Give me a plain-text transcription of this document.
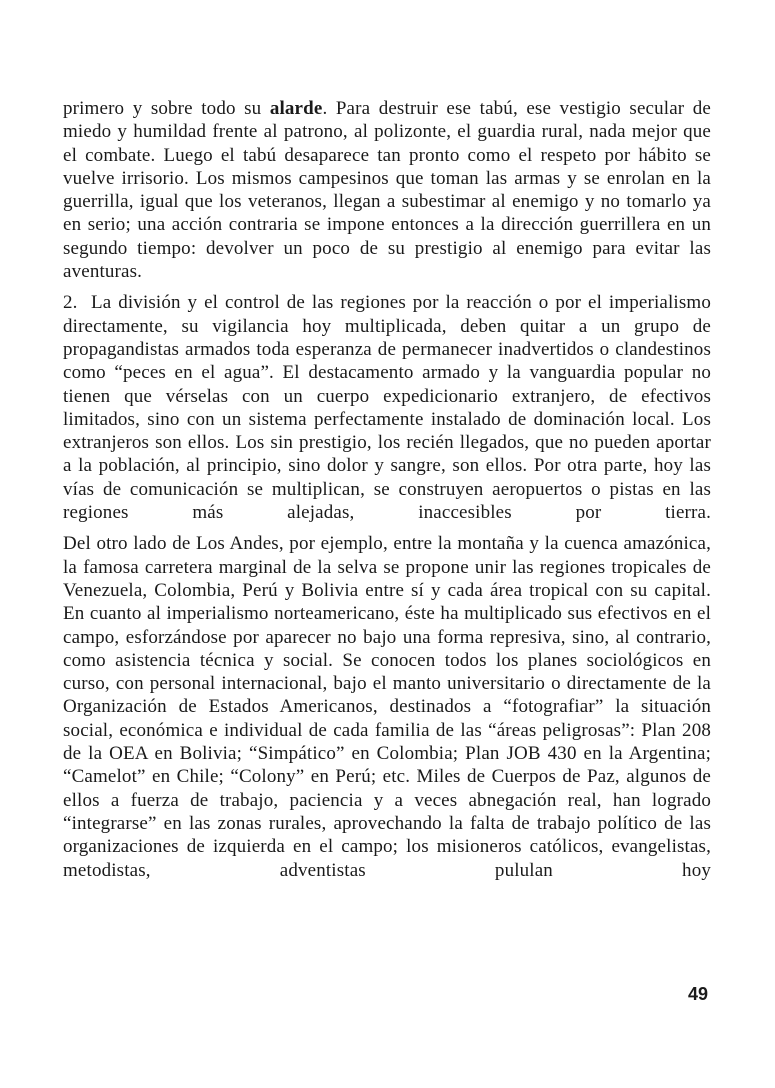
primero y sobre todo su alarde. Para destruir ese tabú, ese vestigio secular de miedo y humildad frente al patrono, al polizonte, el guardia rural, nada mejor que el combate. Luego el tabú desaparece tan pronto como el respeto por hábito se vuelve irrisorio. Los mismos campesinos que toman las armas y se enrolan en la guerrilla, igual que los veteranos, llegan a subestimar al enemigo y no tomarlo ya en serio; una acción contraria se impone entonces a la dirección guerrillera en un segundo tiempo: devolver un poco de su prestigio al enemigo para evitar las aventuras.

2. La división y el control de las regiones por la reacción o por el imperialismo directamente, su vigilancia hoy multiplicada, deben quitar a un grupo de propagandistas armados toda esperanza de permanecer inadvertidos o clandestinos como “peces en el agua”. El destacamento armado y la vanguardia popular no tienen que vérselas con un cuerpo expedicionario extranjero, de efectivos limitados, sino con un sistema perfectamente instalado de dominación local. Los extranjeros son ellos. Los sin prestigio, los recién llegados, que no pueden aportar a la población, al principio, sino dolor y sangre, son ellos. Por otra parte, hoy las vías de comunicación se multiplican, se construyen aeropuertos o pistas en las regiones más alejadas, inaccesibles por tierra.

Del otro lado de Los Andes, por ejemplo, entre la montaña y la cuenca amazónica, la famosa carretera marginal de la selva se propone unir las regiones tropicales de Venezuela, Colombia, Perú y Bolivia entre sí y cada área tropical con su capital. En cuanto al imperialismo norteamericano, éste ha multiplicado sus efectivos en el campo, esforzándose por aparecer no bajo una forma represiva, sino, al contrario, como asistencia técnica y social. Se conocen todos los planes sociológicos en curso, con personal internacional, bajo el manto universitario o directamente de la Organización de Estados Americanos, destinados a “fotografiar” la situación social, económica e individual de cada familia de las “áreas peligrosas”: Plan 208 de la OEA en Bolivia; “Simpático” en Colombia; Plan JOB 430 en la Argentina; “Camelot” en Chile; “Colony” en Perú; etc. Miles de Cuerpos de Paz, algunos de ellos a fuerza de trabajo, paciencia y a veces abnegación real, han logrado “integrarse” en las zonas rurales, aprovechando la falta de trabajo político de las organizaciones de izquierda en el campo; los misioneros católicos, evangelistas, metodistas, adventistas pululan hoy

49
